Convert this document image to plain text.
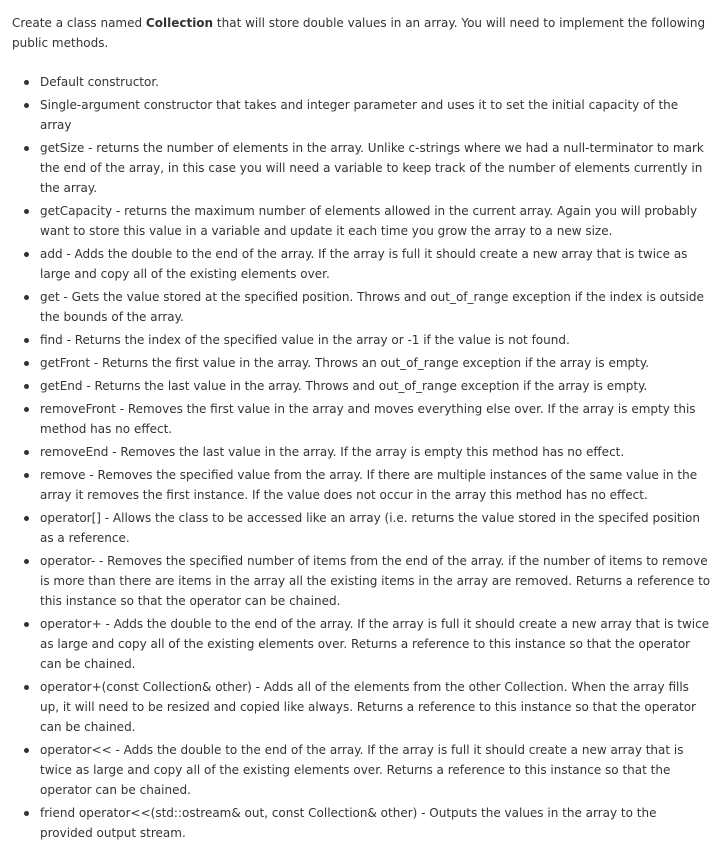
Create a class named Collection that will store double values in an array. You will need to implement the following public methods.

Default constructor.
Single-argument constructor that takes and integer parameter and uses it to set the initial capacity of the array
getSize - returns the number of elements in the array. Unlike c-strings where we had a null-terminator to mark the end of the array, in this case you will need a variable to keep track of the number of elements currently in the array.
getCapacity - returns the maximum number of elements allowed in the current array. Again you will probably want to store this value in a variable and update it each time you grow the array to a new size.
add - Adds the double to the end of the array. If the array is full it should create a new array that is twice as large and copy all of the existing elements over.
get - Gets the value stored at the specified position. Throws and out_of_range exception if the index is outside the bounds of the array.
find - Returns the index of the specified value in the array or -1 if the value is not found.
getFront - Returns the first value in the array. Throws an out_of_range exception if the array is empty.
getEnd - Returns the last value in the array. Throws and out_of_range exception if the array is empty.
removeFront - Removes the first value in the array and moves everything else over. If the array is empty this method has no effect.
removeEnd - Removes the last value in the array. If the array is empty this method has no effect.
remove - Removes the specified value from the array. If there are multiple instances of the same value in the array it removes the first instance. If the value does not occur in the array this method has no effect.
operator[] - Allows the class to be accessed like an array (i.e. returns the value stored in the specifed position as a reference.
operator- - Removes the specified number of items from the end of the array. if the number of items to remove is more than there are items in the array all the existing items in the array are removed. Returns a reference to this instance so that the operator can be chained.
operator+ - Adds the double to the end of the array. If the array is full it should create a new array that is twice as large and copy all of the existing elements over. Returns a reference to this instance so that the operator can be chained.
operator+(const Collection& other) - Adds all of the elements from the other Collection. When the array fills up, it will need to be resized and copied like always. Returns a reference to this instance so that the operator can be chained.
operator<< - Adds the double to the end of the array. If the array is full it should create a new array that is twice as large and copy all of the existing elements over. Returns a reference to this instance so that the operator can be chained.
friend operator<<(std::ostream& out, const Collection& other) - Outputs the values in the array to the provided output stream.
